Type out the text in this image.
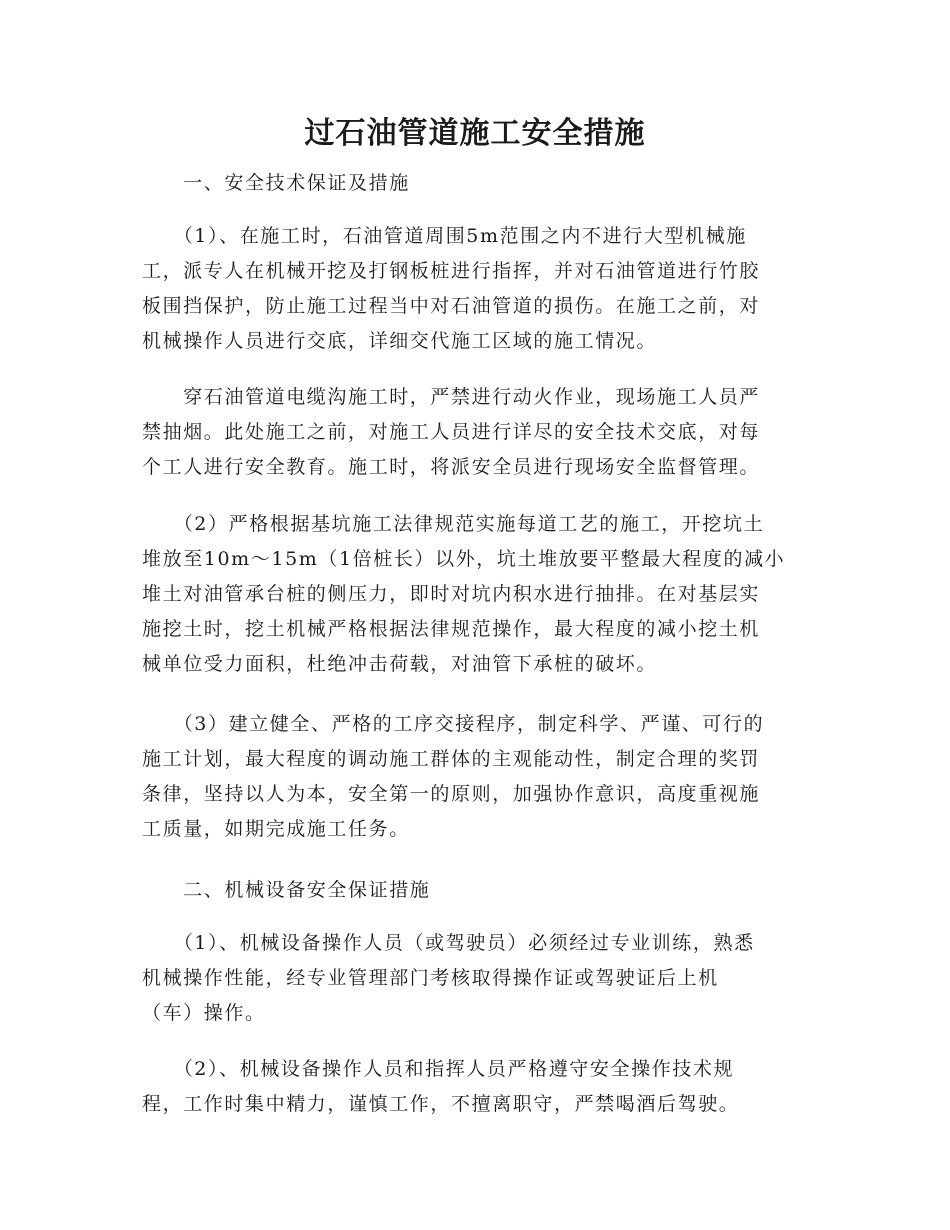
过石油管道施工安全措施
　　一、安全技术保证及措施
　　（1）、在施工时，石油管道周围5m范围之内不进行大型机械施
工，派专人在机械开挖及打钢板桩进行指挥，并对石油管道进行竹胶
板围挡保护，防止施工过程当中对石油管道的损伤。在施工之前，对
机械操作人员进行交底，详细交代施工区域的施工情况。
　　穿石油管道电缆沟施工时，严禁进行动火作业，现场施工人员严
禁抽烟。此处施工之前，对施工人员进行详尽的安全技术交底，对每
个工人进行安全教育。施工时，将派安全员进行现场安全监督管理。
　　（2）严格根据基坑施工法律规范实施每道工艺的施工，开挖坑土
堆放至10m～15m（1倍桩长）以外，坑土堆放要平整最大程度的减小
堆土对油管承台桩的侧压力，即时对坑内积水进行抽排。在对基层实
施挖土时，挖土机械严格根据法律规范操作，最大程度的减小挖土机
械单位受力面积，杜绝冲击荷载，对油管下承桩的破坏。
　　（3）建立健全、严格的工序交接程序，制定科学、严谨、可行的
施工计划，最大程度的调动施工群体的主观能动性，制定合理的奖罚
条律，坚持以人为本，安全第一的原则，加强协作意识，高度重视施
工质量，如期完成施工任务。
　　二、机械设备安全保证措施
　　（1）、机械设备操作人员（或驾驶员）必须经过专业训练，熟悉
机械操作性能，经专业管理部门考核取得操作证或驾驶证后上机
（车）操作。
　　（2）、机械设备操作人员和指挥人员严格遵守安全操作技术规
程，工作时集中精力，谨慎工作，不擅离职守，严禁喝酒后驾驶。
